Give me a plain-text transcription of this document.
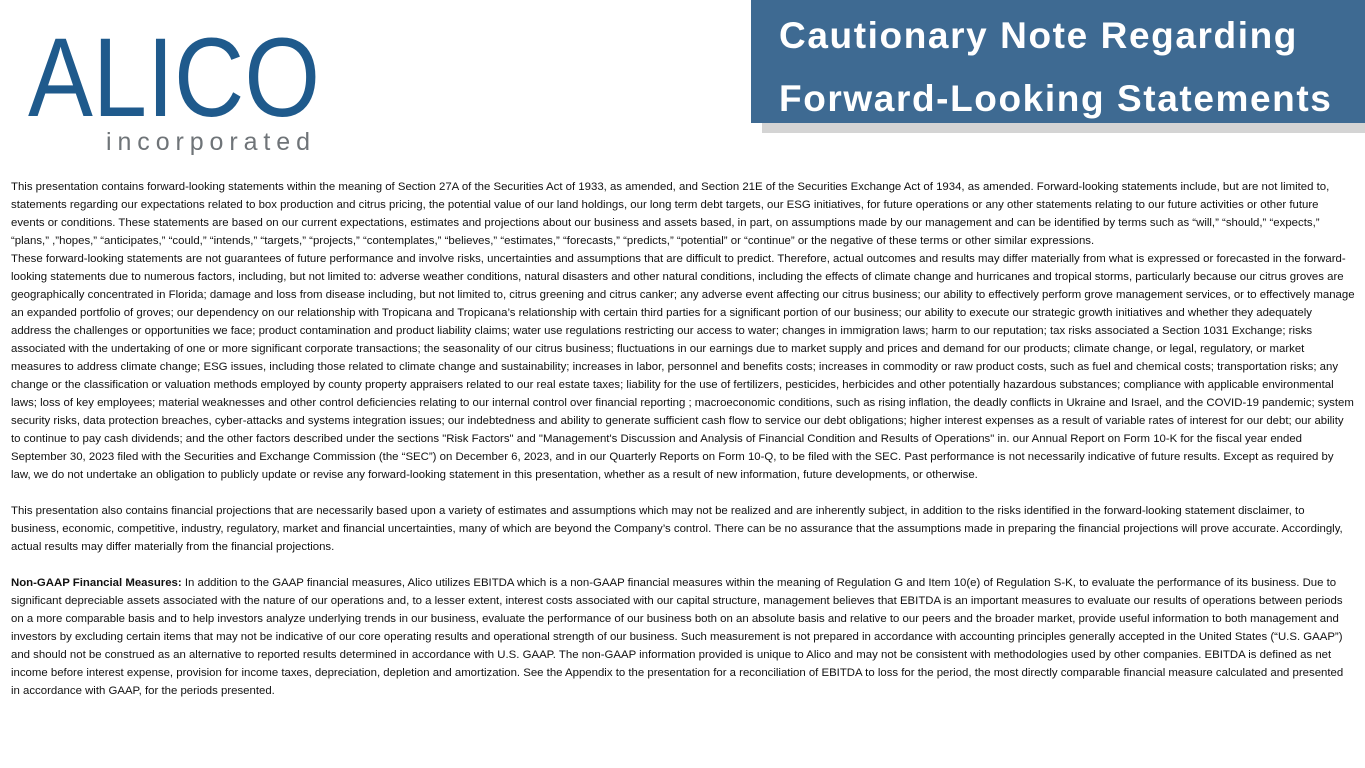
ALICO
incorporated
Cautionary Note Regarding
Forward-Looking Statements

This presentation contains forward-looking statements within the meaning of Section 27A of the Securities Act of 1933, as amended, and Section 21E of the Securities Exchange Act of 1934, as amended. Forward-looking statements include, but are not limited to, statements regarding our expectations related to box production and citrus pricing, the potential value of our land holdings, our long term debt targets, our ESG initiatives, for future operations or any other statements relating to our future activities or other future events or conditions. These statements are based on our current expectations, estimates and projections about our business and assets based, in part, on assumptions made by our management and can be identified by terms such as “will,” “should,” “expects,” “plans,” ,”hopes,” “anticipates,” “could,” “intends,” “targets,” “projects,” “contemplates,” “believes,” “estimates,” “forecasts,” “predicts,” “potential” or “continue” or the negative of these terms or other similar expressions.

These forward-looking statements are not guarantees of future performance and involve risks, uncertainties and assumptions that are difficult to predict. Therefore, actual outcomes and results may differ materially from what is expressed or forecasted in the forward-looking statements due to numerous factors, including, but not limited to: adverse weather conditions, natural disasters and other natural conditions, including the effects of climate change and hurricanes and tropical storms, particularly because our citrus groves are geographically concentrated in Florida; damage and loss from disease including, but not limited to, citrus greening and citrus canker; any adverse event affecting our citrus business; our ability to effectively perform grove management services, or to effectively manage an expanded portfolio of groves; our dependency on our relationship with Tropicana and Tropicana’s relationship with certain third parties for a significant portion of our business; our ability to execute our strategic growth initiatives and whether they adequately address the challenges or opportunities we face; product contamination and product liability claims; water use regulations restricting our access to water; changes in immigration laws; harm to our reputation; tax risks associated a Section 1031 Exchange; risks associated with the undertaking of one or more significant corporate transactions; the seasonality of our citrus business; fluctuations in our earnings due to market supply and prices and demand for our products; climate change, or legal, regulatory, or market measures to address climate change; ESG issues, including those related to climate change and sustainability; increases in labor, personnel and benefits costs; increases in commodity or raw product costs, such as fuel and chemical costs; transportation risks; any change or the classification or valuation methods employed by county property appraisers related to our real estate taxes; liability for the use of fertilizers, pesticides, herbicides and other potentially hazardous substances; compliance with applicable environmental laws; loss of key employees; material weaknesses and other control deficiencies relating to our internal control over financial reporting ; macroeconomic conditions, such as rising inflation, the deadly conflicts in Ukraine and Israel, and the COVID-19 pandemic; system security risks, data protection breaches, cyber-attacks and systems integration issues; our indebtedness and ability to generate sufficient cash flow to service our debt obligations; higher interest expenses as a result of variable rates of interest for our debt; our ability to continue to pay cash dividends; and the other factors described under the sections "Risk Factors" and "Management's Discussion and Analysis of Financial Condition and Results of Operations" in. our Annual Report on Form 10-K for the fiscal year ended September 30, 2023 filed with the Securities and Exchange Commission (the “SEC”) on December 6, 2023, and in our Quarterly Reports on Form 10-Q, to be filed with the SEC. Past performance is not necessarily indicative of future results. Except as required by law, we do not undertake an obligation to publicly update or revise any forward-looking statement in this presentation, whether as a result of new information, future developments, or otherwise.

This presentation also contains financial projections that are necessarily based upon a variety of estimates and assumptions which may not be realized and are inherently subject, in addition to the risks identified in the forward-looking statement disclaimer, to business, economic, competitive, industry, regulatory, market and financial uncertainties, many of which are beyond the Company’s control. There can be no assurance that the assumptions made in preparing the financial projections will prove accurate. Accordingly, actual results may differ materially from the financial projections.

Non-GAAP Financial Measures: In addition to the GAAP financial measures, Alico utilizes EBITDA which is a non-GAAP financial measures within the meaning of Regulation G and Item 10(e) of Regulation S-K, to evaluate the performance of its business. Due to significant depreciable assets associated with the nature of our operations and, to a lesser extent, interest costs associated with our capital structure, management believes that EBITDA is an important measures to evaluate our results of operations between periods on a more comparable basis and to help investors analyze underlying trends in our business, evaluate the performance of our business both on an absolute basis and relative to our peers and the broader market, provide useful information to both management and investors by excluding certain items that may not be indicative of our core operating results and operational strength of our business. Such measurement is not prepared in accordance with accounting principles generally accepted in the United States (“U.S. GAAP”) and should not be construed as an alternative to reported results determined in accordance with U.S. GAAP. The non-GAAP information provided is unique to Alico and may not be consistent with methodologies used by other companies. EBITDA is defined as net income before interest expense, provision for income taxes, depreciation, depletion and amortization. See the Appendix to the presentation for a reconciliation of EBITDA to loss for the period, the most directly comparable financial measure calculated and presented in accordance with GAAP, for the periods presented.
